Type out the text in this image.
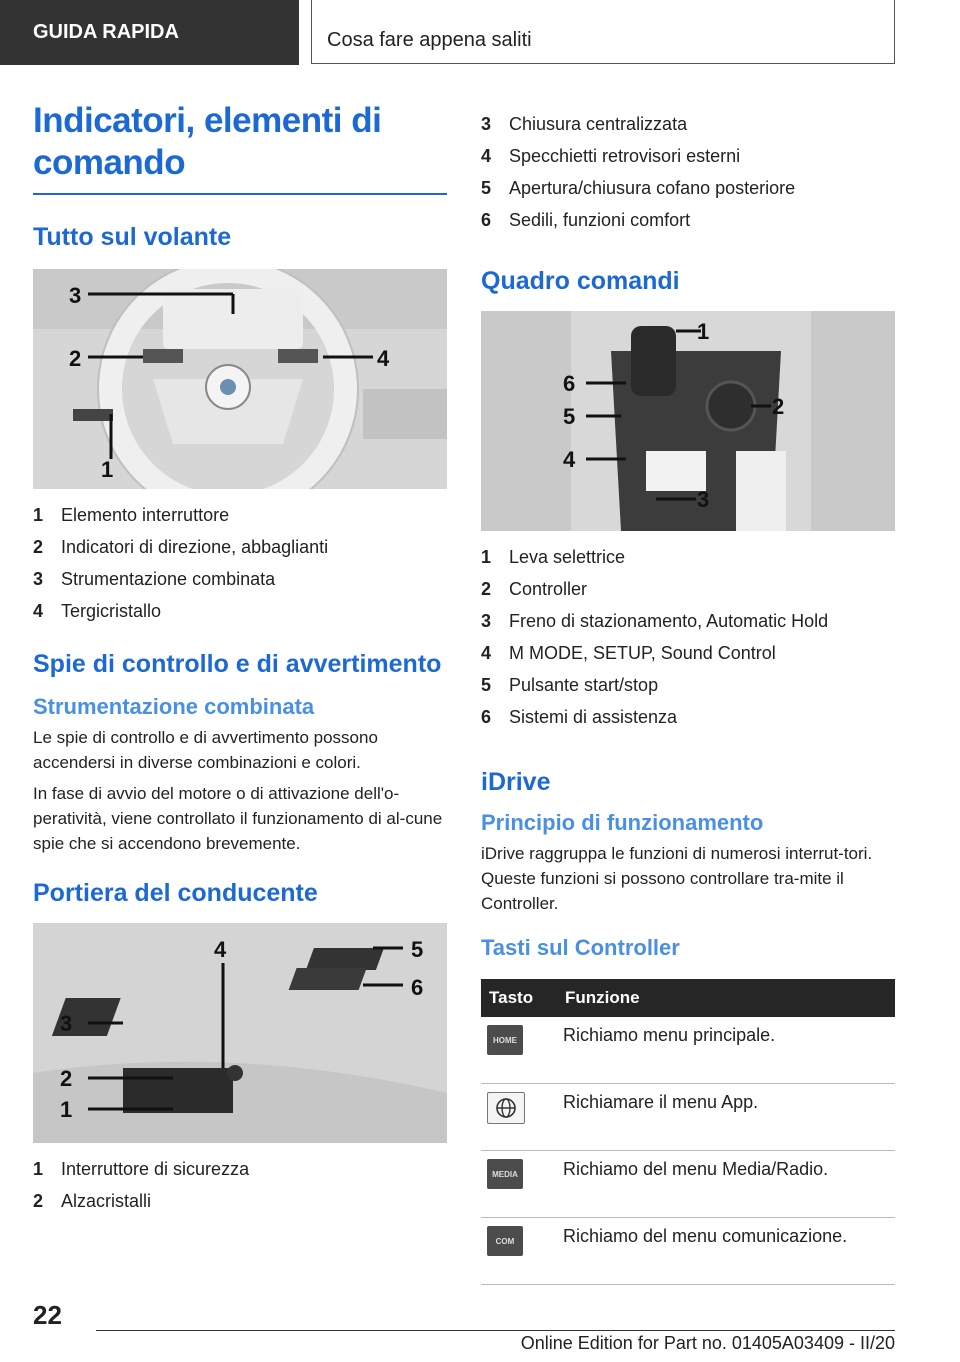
GUIDA RAPIDA	Cosa fare appena saliti
Indicatori, elementi di comando
Tutto sul volante
3
2	4
1
1 Elemento interruttore
2 Indicatori di direzione, abbaglianti
3 Strumentazione combinata
4 Tergicristallo
Spie di controllo e di avvertimento
Strumentazione combinata

Le spie di controllo e di avvertimento possono accendersi in diverse combinazioni e colori.

In fase di avvio del motore o di attivazione dell'o-peratività, viene controllato il funzionamento di al-cune spie che si accendono brevemente.

Portiera del conducente
4	5
6
3
2
1
1 Interruttore di sicurezza
2 Alzacristalli
3 Chiusura centralizzata
4 Specchietti retrovisori esterni
5 Apertura/chiusura cofano posteriore
6 Sedili, funzioni comfort
Quadro comandi
1
6
5	2
4
3
1 Leva selettrice
2 Controller
3 Freno di stazionamento, Automatic Hold
4 M MODE, SETUP, Sound Control
5 Pulsante start/stop
6 Sistemi di assistenza
iDrive
Principio di funzionamento

iDrive raggruppa le funzioni di numerosi interrut-tori. Queste funzioni si possono controllare tra-mite il Controller.

Tasti sul Controller
Tasto	Funzione

HOME	Richiamo menu principale.

	Richiamare il menu App.

MEDIA	Richiamo del menu Media/Radio.

COM	Richiamo del menu comunicazione.
22
Online Edition for Part no. 01405A03409 - II/20
